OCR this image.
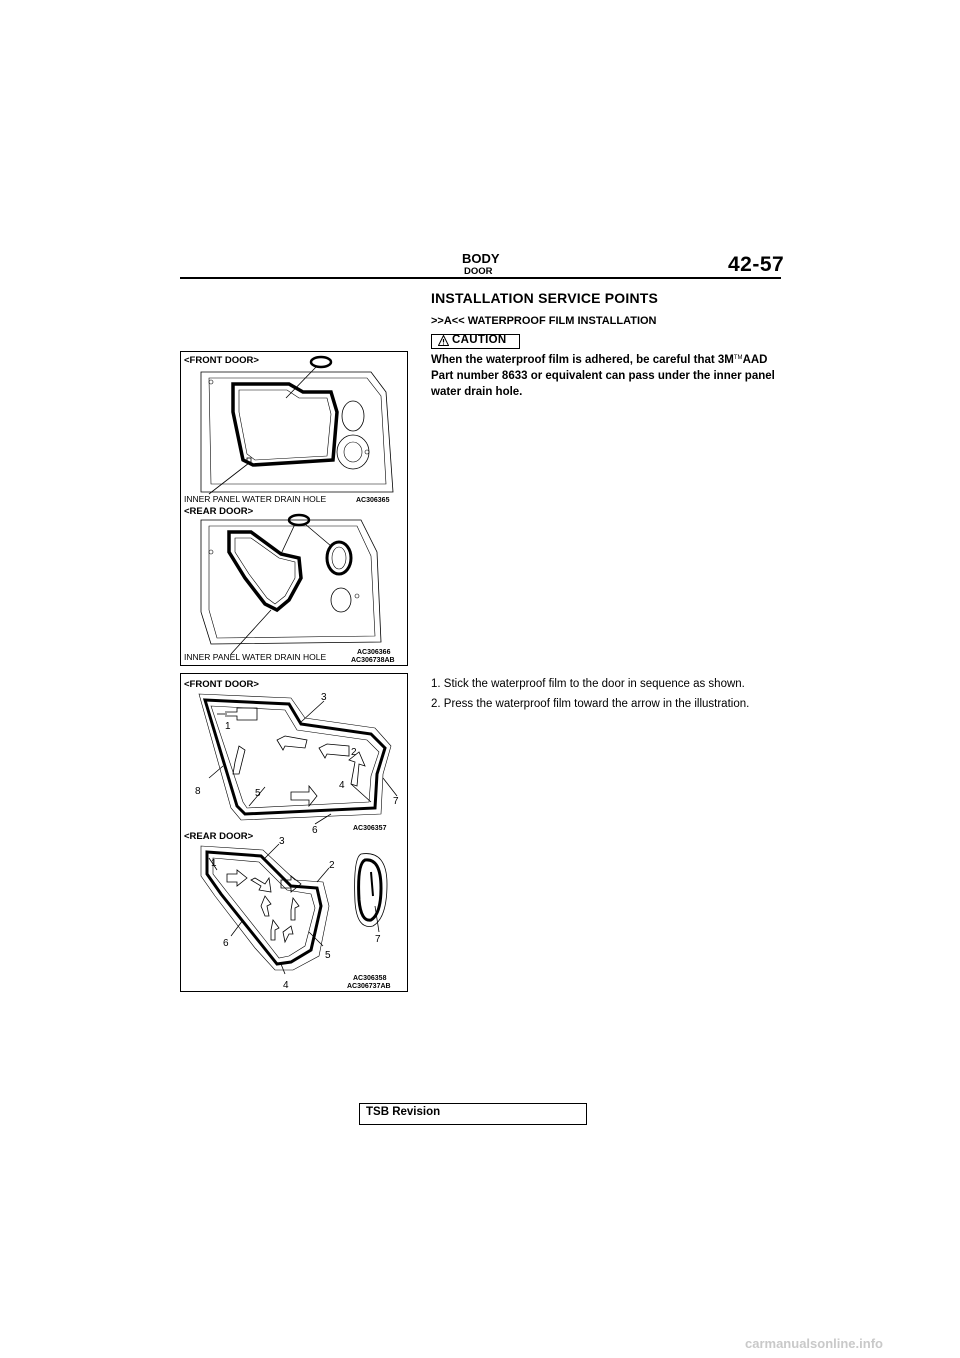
BODY
DOOR	42-57
INSTALLATION SERVICE POINTS
>>A<< WATERPROOF FILM INSTALLATION
CAUTION
When the waterproof film is adhered, be careful that 3M™AAD Part number 8633 or equivalent can pass under the inner panel water drain hole.
1. Stick the waterproof film to the door in sequence as shown.
2. Press the waterproof film toward the arrow in the illustration.
<FRONT DOOR>
INNER PANEL WATER DRAIN HOLE	AC306365
<REAR DOOR>
INNER PANEL WATER DRAIN HOLE	AC306366
AC306738AB
<FRONT DOOR>
3
1
2
4
5
8
7
6	AC306357
<REAR DOOR>	3
1	2
6
5
7
4
AC306358
AC306737AB
TSB Revision
carmanualsonline.info
